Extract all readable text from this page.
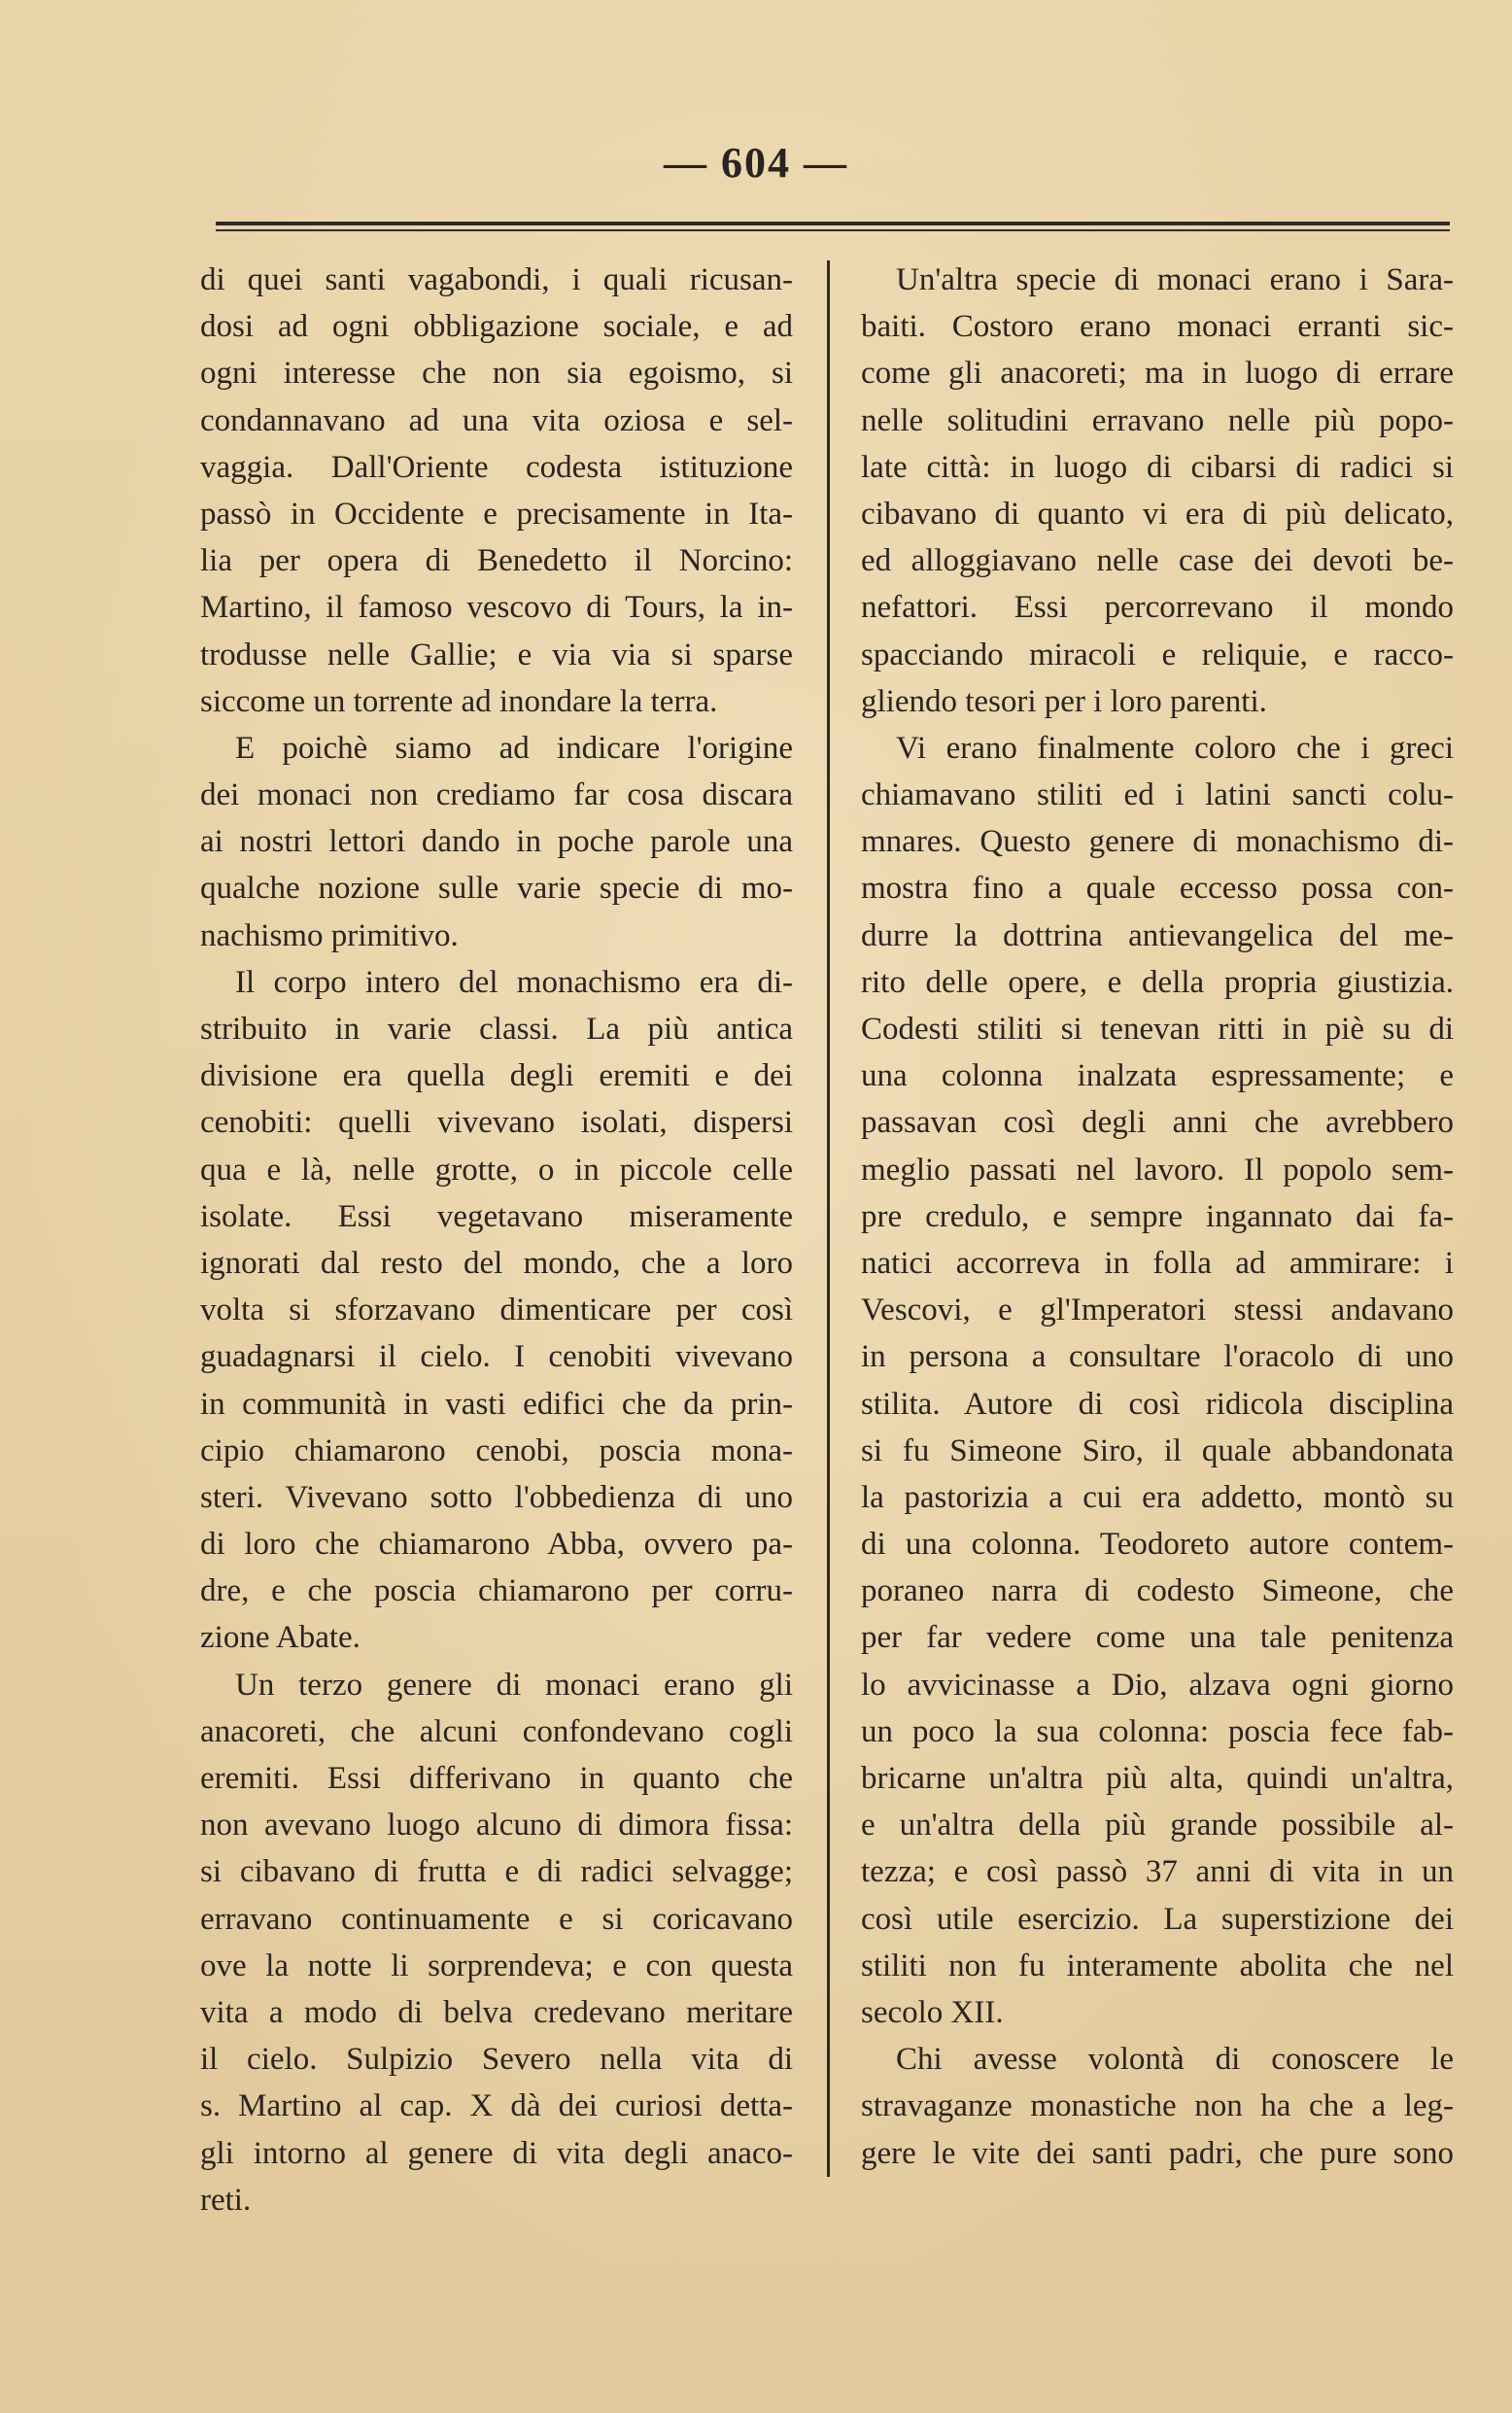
— 604 —
di quei santi vagabondi, i quali ricusan-
dosi ad ogni obbligazione sociale, e ad
ogni interesse che non sia egoismo, si
condannavano ad una vita oziosa e sel-
vaggia. Dall'Oriente codesta istituzione
passò in Occidente e precisamente in Ita-
lia per opera di Benedetto il Norcino:
Martino, il famoso vescovo di Tours, la in-
trodusse nelle Gallie; e via via si sparse
siccome un torrente ad inondare la terra.
E poichè siamo ad indicare l'origine
dei monaci non crediamo far cosa discara
ai nostri lettori dando in poche parole una
qualche nozione sulle varie specie di mo-
nachismo primitivo.
Il corpo intero del monachismo era di-
stribuito in varie classi. La più antica
divisione era quella degli eremiti e dei
cenobiti: quelli vivevano isolati, dispersi
qua e là, nelle grotte, o in piccole celle
isolate. Essi vegetavano miseramente
ignorati dal resto del mondo, che a loro
volta si sforzavano dimenticare per così
guadagnarsi il cielo. I cenobiti vivevano
in communità in vasti edifici che da prin-
cipio chiamarono cenobi, poscia mona-
steri. Vivevano sotto l'obbedienza di uno
di loro che chiamarono Abba, ovvero pa-
dre, e che poscia chiamarono per corru-
zione Abate.
Un terzo genere di monaci erano gli
anacoreti, che alcuni confondevano cogli
eremiti. Essi differivano in quanto che
non avevano luogo alcuno di dimora fissa:
si cibavano di frutta e di radici selvagge;
erravano continuamente e si coricavano
ove la notte li sorprendeva; e con questa
vita a modo di belva credevano meritare
il cielo. Sulpizio Severo nella vita di
s. Martino al cap. X dà dei curiosi detta-
gli intorno al genere di vita degli anaco-
reti.
Un'altra specie di monaci erano i Sara-
baiti. Costoro erano monaci erranti sic-
come gli anacoreti; ma in luogo di errare
nelle solitudini erravano nelle più popo-
late città: in luogo di cibarsi di radici si
cibavano di quanto vi era di più delicato,
ed alloggiavano nelle case dei devoti be-
nefattori. Essi percorrevano il mondo
spacciando miracoli e reliquie, e racco-
gliendo tesori per i loro parenti.
Vi erano finalmente coloro che i greci
chiamavano stiliti ed i latini sancti colu-
mnares. Questo genere di monachismo di-
mostra fino a quale eccesso possa con-
durre la dottrina antievangelica del me-
rito delle opere, e della propria giustizia.
Codesti stiliti si tenevan ritti in piè su di
una colonna inalzata espressamente; e
passavan così degli anni che avrebbero
meglio passati nel lavoro. Il popolo sem-
pre credulo, e sempre ingannato dai fa-
natici accorreva in folla ad ammirare: i
Vescovi, e gl'Imperatori stessi andavano
in persona a consultare l'oracolo di uno
stilita. Autore di così ridicola disciplina
si fu Simeone Siro, il quale abbandonata
la pastorizia a cui era addetto, montò su
di una colonna. Teodoreto autore contem-
poraneo narra di codesto Simeone, che
per far vedere come una tale penitenza
lo avvicinasse a Dio, alzava ogni giorno
un poco la sua colonna: poscia fece fab-
bricarne un'altra più alta, quindi un'altra,
e un'altra della più grande possibile al-
tezza; e così passò 37 anni di vita in un
così utile esercizio. La superstizione dei
stiliti non fu interamente abolita che nel
secolo XII.
Chi avesse volontà di conoscere le
stravaganze monastiche non ha che a leg-
gere le vite dei santi padri, che pure sono
